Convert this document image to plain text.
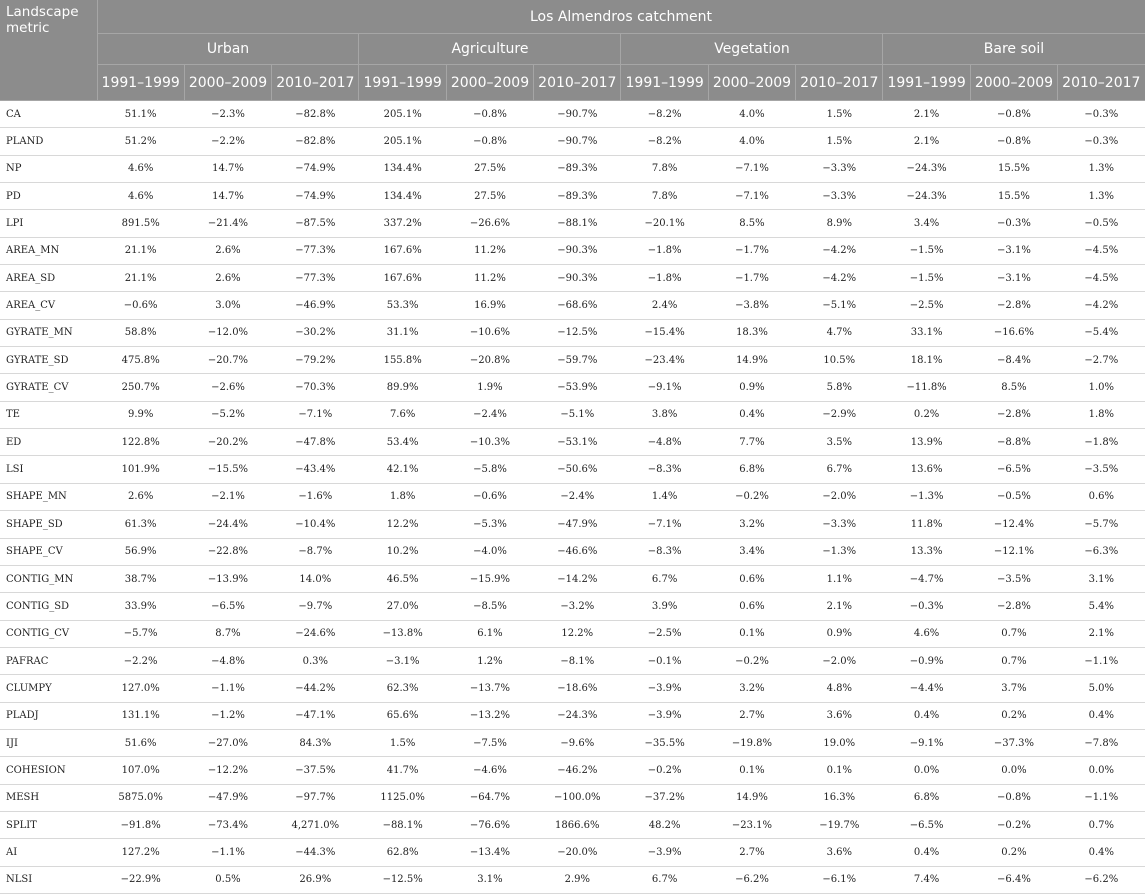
Landscape metric	Los Almendros catchment											
	Urban			Agriculture			Vegetation			Bare soil		
	1991–1999	2000–2009	2010–2017	1991–1999	2000–2009	2010–2017	1991–1999	2000–2009	2010–2017	1991–1999	2000–2009	2010–2017
CA	51.1%	−2.3%	−82.8%	205.1%	−0.8%	−90.7%	−8.2%	4.0%	1.5%	2.1%	−0.8%	−0.3%
PLAND	51.2%	−2.2%	−82.8%	205.1%	−0.8%	−90.7%	−8.2%	4.0%	1.5%	2.1%	−0.8%	−0.3%
NP	4.6%	14.7%	−74.9%	134.4%	27.5%	−89.3%	7.8%	−7.1%	−3.3%	−24.3%	15.5%	1.3%
PD	4.6%	14.7%	−74.9%	134.4%	27.5%	−89.3%	7.8%	−7.1%	−3.3%	−24.3%	15.5%	1.3%
LPI	891.5%	−21.4%	−87.5%	337.2%	−26.6%	−88.1%	−20.1%	8.5%	8.9%	3.4%	−0.3%	−0.5%
AREA_MN	21.1%	2.6%	−77.3%	167.6%	11.2%	−90.3%	−1.8%	−1.7%	−4.2%	−1.5%	−3.1%	−4.5%
AREA_SD	21.1%	2.6%	−77.3%	167.6%	11.2%	−90.3%	−1.8%	−1.7%	−4.2%	−1.5%	−3.1%	−4.5%
AREA_CV	−0.6%	3.0%	−46.9%	53.3%	16.9%	−68.6%	2.4%	−3.8%	−5.1%	−2.5%	−2.8%	−4.2%
GYRATE_MN	58.8%	−12.0%	−30.2%	31.1%	−10.6%	−12.5%	−15.4%	18.3%	4.7%	33.1%	−16.6%	−5.4%
GYRATE_SD	475.8%	−20.7%	−79.2%	155.8%	−20.8%	−59.7%	−23.4%	14.9%	10.5%	18.1%	−8.4%	−2.7%
GYRATE_CV	250.7%	−2.6%	−70.3%	89.9%	1.9%	−53.9%	−9.1%	0.9%	5.8%	−11.8%	8.5%	1.0%
TE	9.9%	−5.2%	−7.1%	7.6%	−2.4%	−5.1%	3.8%	0.4%	−2.9%	0.2%	−2.8%	1.8%
ED	122.8%	−20.2%	−47.8%	53.4%	−10.3%	−53.1%	−4.8%	7.7%	3.5%	13.9%	−8.8%	−1.8%
LSI	101.9%	−15.5%	−43.4%	42.1%	−5.8%	−50.6%	−8.3%	6.8%	6.7%	13.6%	−6.5%	−3.5%
SHAPE_MN	2.6%	−2.1%	−1.6%	1.8%	−0.6%	−2.4%	1.4%	−0.2%	−2.0%	−1.3%	−0.5%	0.6%
SHAPE_SD	61.3%	−24.4%	−10.4%	12.2%	−5.3%	−47.9%	−7.1%	3.2%	−3.3%	11.8%	−12.4%	−5.7%
SHAPE_CV	56.9%	−22.8%	−8.7%	10.2%	−4.0%	−46.6%	−8.3%	3.4%	−1.3%	13.3%	−12.1%	−6.3%
CONTIG_MN	38.7%	−13.9%	14.0%	46.5%	−15.9%	−14.2%	6.7%	0.6%	1.1%	−4.7%	−3.5%	3.1%
CONTIG_SD	33.9%	−6.5%	−9.7%	27.0%	−8.5%	−3.2%	3.9%	0.6%	2.1%	−0.3%	−2.8%	5.4%
CONTIG_CV	−5.7%	8.7%	−24.6%	−13.8%	6.1%	12.2%	−2.5%	0.1%	0.9%	4.6%	0.7%	2.1%
PAFRAC	−2.2%	−4.8%	0.3%	−3.1%	1.2%	−8.1%	−0.1%	−0.2%	−2.0%	−0.9%	0.7%	−1.1%
CLUMPY	127.0%	−1.1%	−44.2%	62.3%	−13.7%	−18.6%	−3.9%	3.2%	4.8%	−4.4%	3.7%	5.0%
PLADJ	131.1%	−1.2%	−47.1%	65.6%	−13.2%	−24.3%	−3.9%	2.7%	3.6%	0.4%	0.2%	0.4%
IJI	51.6%	−27.0%	84.3%	1.5%	−7.5%	−9.6%	−35.5%	−19.8%	19.0%	−9.1%	−37.3%	−7.8%
COHESION	107.0%	−12.2%	−37.5%	41.7%	−4.6%	−46.2%	−0.2%	0.1%	0.1%	0.0%	0.0%	0.0%
MESH	5875.0%	−47.9%	−97.7%	1125.0%	−64.7%	−100.0%	−37.2%	14.9%	16.3%	6.8%	−0.8%	−1.1%
SPLIT	−91.8%	−73.4%	4,271.0%	−88.1%	−76.6%	1866.6%	48.2%	−23.1%	−19.7%	−6.5%	−0.2%	0.7%
AI	127.2%	−1.1%	−44.3%	62.8%	−13.4%	−20.0%	−3.9%	2.7%	3.6%	0.4%	0.2%	0.4%
NLSI	−22.9%	0.5%	26.9%	−12.5%	3.1%	2.9%	6.7%	−6.2%	−6.1%	7.4%	−6.4%	−6.2%
